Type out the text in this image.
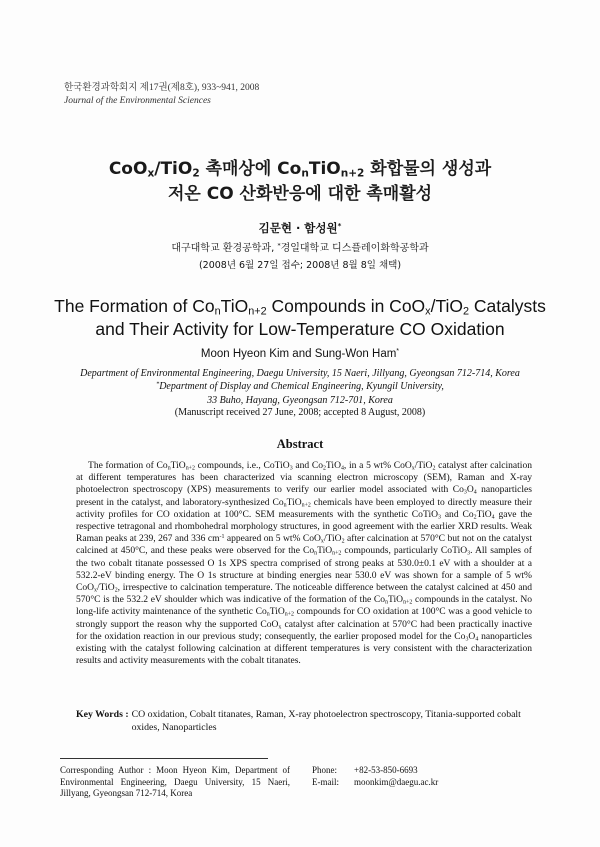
한국환경과학회지 제17권(제8호), 933~941, 2008
Journal of the Environmental Sciences
CoO$_x$/TiO$_2$ 촉매상에 $Co_nTiO_{n+2}$ 화합물의 생성과
저온 CO 산화반응에 대한 촉매활성
김문현 · 함성원*
대구대학교 환경공학과, *경일대학교 디스플레이화학공학과
(2008년 6월 27일 접수; 2008년 8월 8일 채택)
The Formation of $Co_nTiO_{n+2}$ Compounds in CoO$_x$/TiO$_2$ Catalysts
and Their Activity for Low-Temperature CO Oxidation
Moon Hyeon Kim and Sung-Won Ham*
Department of Environmental Engineering, Daegu University, 15 Naeri, Jillyang, Gyeongsan 712-714, Korea
*Department of Display and Chemical Engineering, Kyungil University,
33 Buho, Hayang, Gyeongsan 712-701, Korea
(Manuscript received 27 June, 2008; accepted 8 August, 2008)
Abstract

The formation of $Co_nTiO_{n+2}$ compounds, i.e., CoTiO$_3$ and $Co_2TiO_4$, in a 5 wt% CoO$_x$/TiO$_2$ catalyst after calcination at different temperatures has been characterized via scanning electron microscopy (SEM), Raman and X-ray photoelectron spectroscopy (XPS) measurements to verify our earlier model associated with $Co_3O_4$ nanoparticles present in the catalyst, and laboratory-synthesized $Co_nTiO_{n+2}$ chemicals have been employed to directly measure their activity profiles for CO oxidation at 100°C. SEM measurements with the synthetic CoTiO$_3$ and $Co_2TiO_4$ gave the respective tetragonal and rhombohedral morphology structures, in good agreement with the earlier XRD results. Weak Raman peaks at 239, 267 and 336 $cm^{-1}$ appeared on 5 wt% CoO$_x$/TiO$_2$ after calcination at 570°C but not on the catalyst calcined at 450°C, and these peaks were observed for the $Co_nTiO_{n+2}$ compounds, particularly CoTiO$_3$. All samples of the two cobalt titanate possessed O 1s XPS spectra comprised of strong peaks at 530.0±0.1 eV with a shoulder at a 532.2-eV binding energy. The O 1s structure at binding energies near 530.0 eV was shown for a sample of 5 wt% CoO$_x$/TiO$_2$, irrespective to calcination temperature. The noticeable difference between the catalyst calcined at 450 and 570°C is the 532.2 eV shoulder which was indicative of the formation of the $Co_nTiO_{n+2}$ compounds in the catalyst. No long-life activity maintenance of the synthetic $Co_nTiO_{n+2}$ compounds for CO oxidation at 100°C was a good vehicle to strongly support the reason why the supported CoO$_x$ catalyst after calcination at 570°C had been practically inactive for the oxidation reaction in our previous study; consequently, the earlier proposed model for the $Co_3O_4$ nanoparticles existing with the catalyst following calcination at different temperatures is very consistent with the characterization results and activity measurements with the cobalt titanates.

Key Words : CO oxidation, Cobalt titanates, Raman, X-ray photoelectron spectroscopy, Titania-supported cobalt oxides, Nanoparticles
Corresponding Author : Moon Hyeon Kim, Department of Environmental Engineering, Daegu University, 15 Naeri, Jillyang, Gyeongsan 712-714, Korea
Phone:	+82-53-850-6693
E-mail:	moonkim@daegu.ac.kr
